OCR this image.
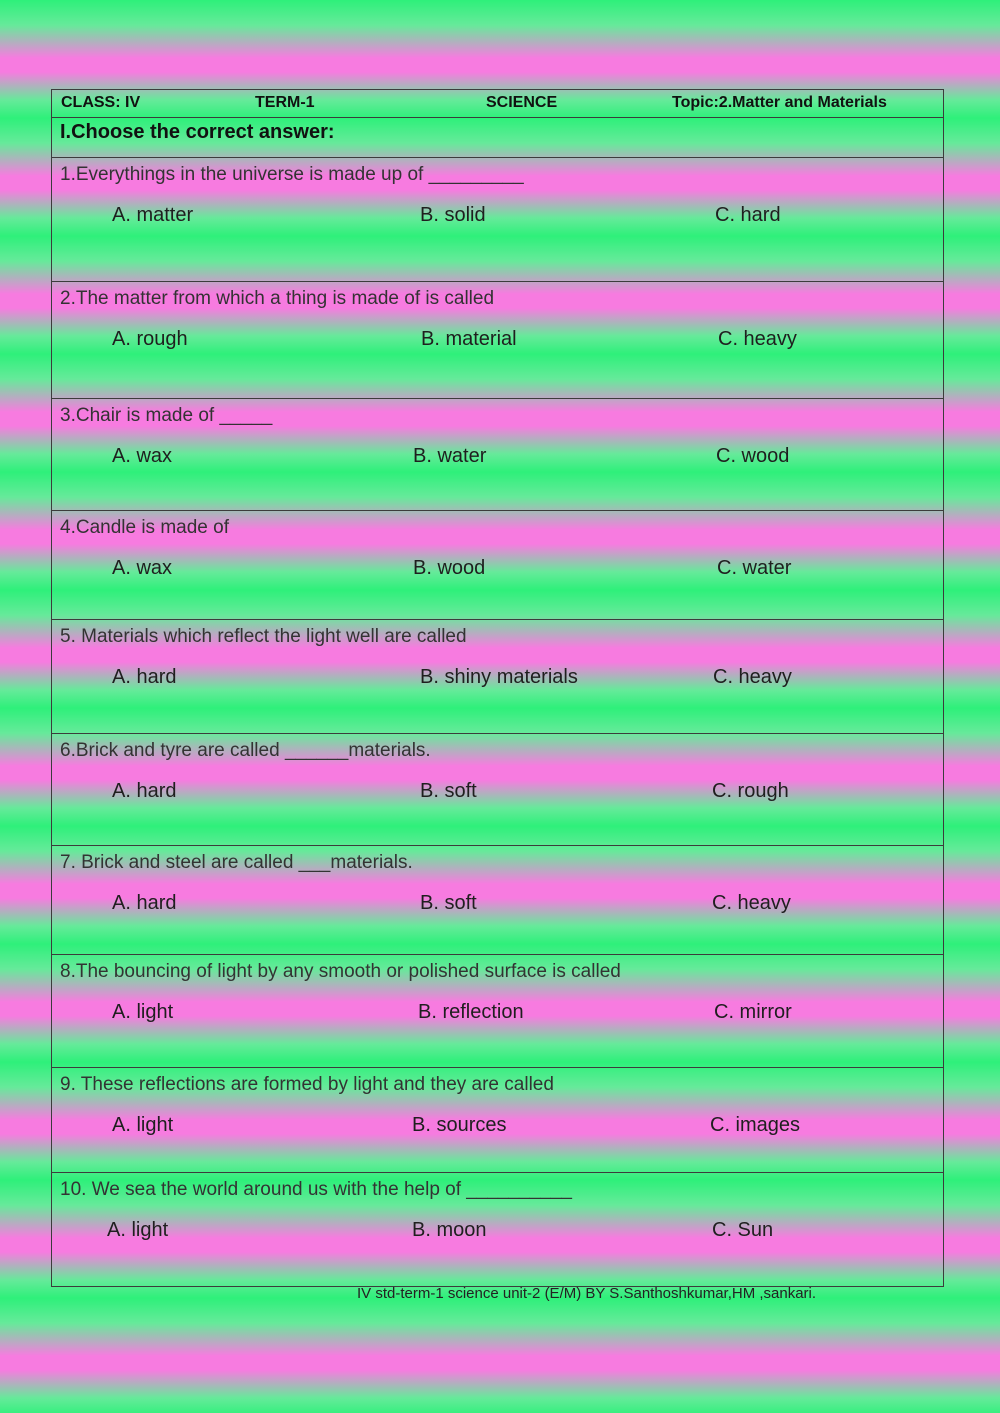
CLASS: IV	TERM-1	SCIENCE	Topic:2.Matter and Materials
I.Choose the correct answer:
1.Everythings in the universe is made up of _________
A. matter	B. solid	C. hard
2.The matter from which a thing is made of is called
A. rough	B. material	C. heavy
3.Chair is made of _____
A. wax	B. water	C. wood
4.Candle is made of
A. wax	B. wood	C. water
5. Materials which reflect the light well are called
A. hard	B. shiny materials	C. heavy
6.Brick and tyre are called ______materials.
A. hard	B. soft	C. rough
7. Brick and steel are called ___materials.
A. hard	B. soft	C. heavy
8.The bouncing of light by any smooth or polished surface is called
A. light	B. reflection	C. mirror
9. These reflections are formed by light and they are called
A. light	B. sources	C. images
10. We sea the world around us with the help of __________
A. light	B. moon	C. Sun
IV std-term-1 science unit-2 (E/M) BY S.Santhoshkumar,HM ,sankari.
